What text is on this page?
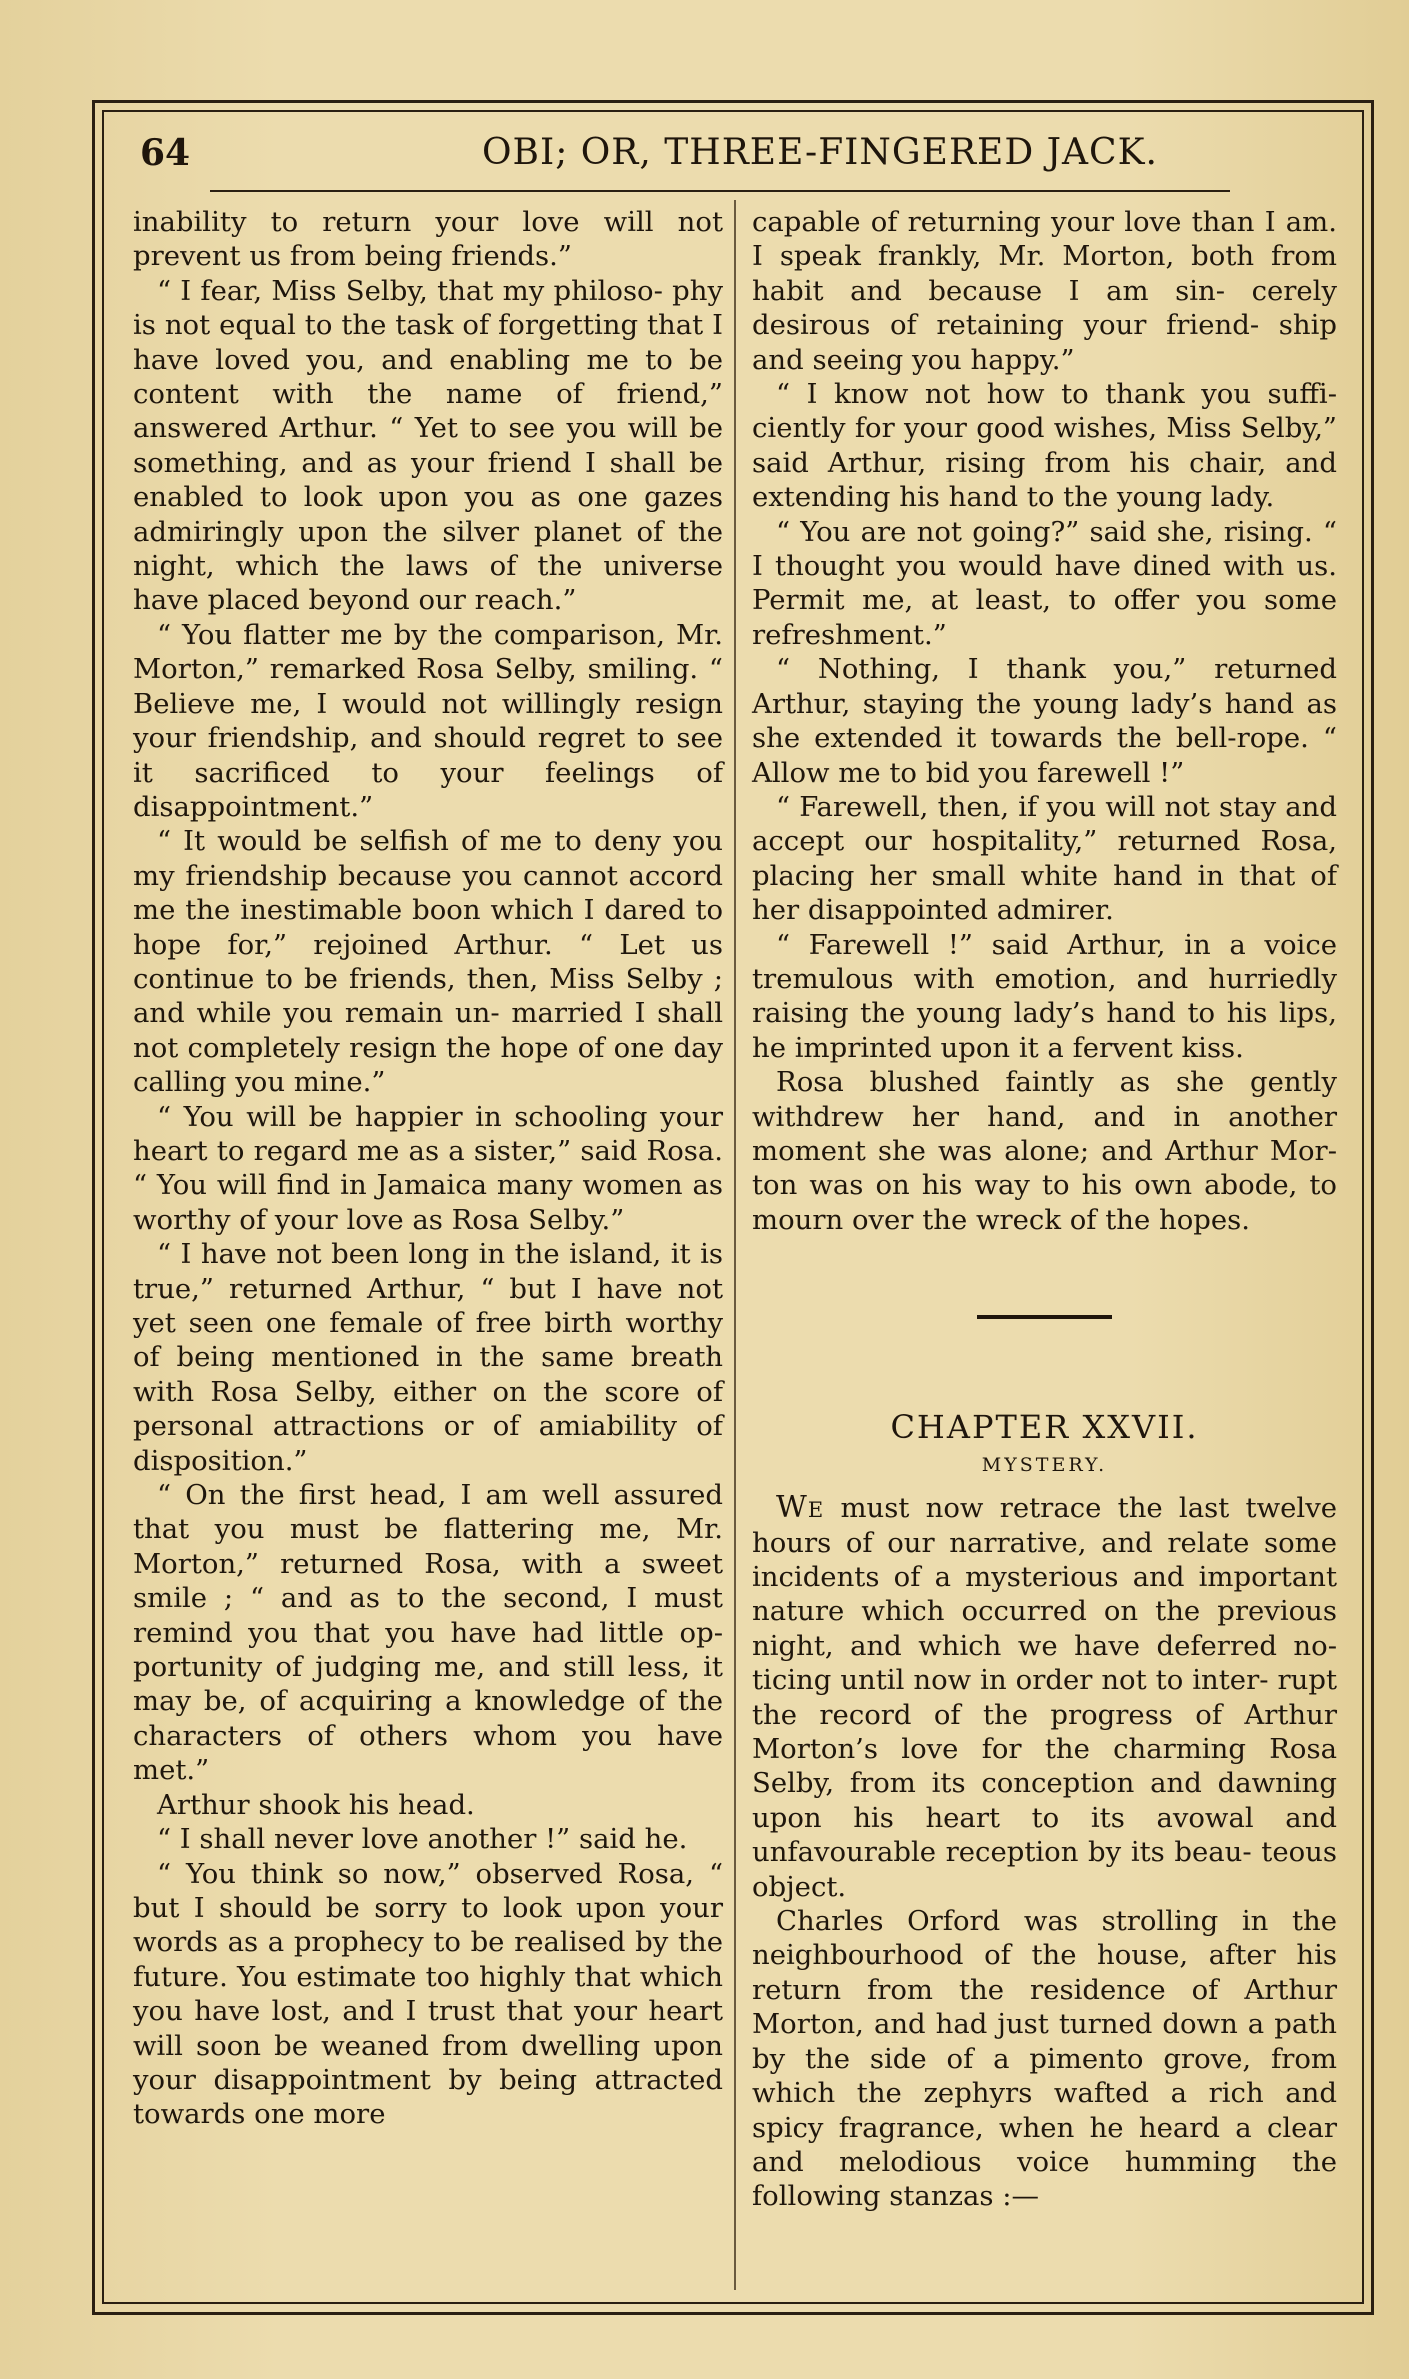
64	OBI; OR, THREE-FINGERED JACK.

inability to return your love will not prevent us from being friends.”

“ I fear, Miss Selby, that my philoso- phy is not equal to the task of forgetting that I have loved you, and enabling me to be content with the name of friend,” answered Arthur. “ Yet to see you will be something, and as your friend I shall be enabled to look upon you as one gazes admiringly upon the silver planet of the night, which the laws of the universe have placed beyond our reach.”

“ You flatter me by the comparison, Mr. Morton,” remarked Rosa Selby, smiling. “ Believe me, I would not willingly resign your friendship, and should regret to see it sacrificed to your feelings of disappointment.”

“ It would be selfish of me to deny you my friendship because you cannot accord me the inestimable boon which I dared to hope for,” rejoined Arthur. “ Let us continue to be friends, then, Miss Selby ; and while you remain un- married I shall not completely resign the hope of one day calling you mine.”

“ You will be happier in schooling your heart to regard me as a sister,” said Rosa. “ You will find in Jamaica many women as worthy of your love as Rosa Selby.”

“ I have not been long in the island, it is true,” returned Arthur, “ but I have not yet seen one female of free birth worthy of being mentioned in the same breath with Rosa Selby, either on the score of personal attractions or of amiability of disposition.”

“ On the first head, I am well assured that you must be flattering me, Mr. Morton,” returned Rosa, with a sweet smile ; “ and as to the second, I must remind you that you have had little op- portunity of judging me, and still less, it may be, of acquiring a knowledge of the characters of others whom you have met.”

Arthur shook his head.

“ I shall never love another !” said he.

“ You think so now,” observed Rosa, “ but I should be sorry to look upon your words as a prophecy to be realised by the future. You estimate too highly that which you have lost, and I trust that your heart will soon be weaned from dwelling upon your disappointment by being attracted towards one more

capable of returning your love than I am. I speak frankly, Mr. Morton, both from habit and because I am sin- cerely desirous of retaining your friend- ship and seeing you happy.”

“ I know not how to thank you suffi- ciently for your good wishes, Miss Selby,” said Arthur, rising from his chair, and extending his hand to the young lady.

“ You are not going?” said she, rising. “ I thought you would have dined with us. Permit me, at least, to offer you some refreshment.”

“ Nothing, I thank you,” returned Arthur, staying the young lady’s hand as she extended it towards the bell-rope. “ Allow me to bid you farewell !”

“ Farewell, then, if you will not stay and accept our hospitality,” returned Rosa, placing her small white hand in that of her disappointed admirer.

“ Farewell !” said Arthur, in a voice tremulous with emotion, and hurriedly raising the young lady’s hand to his lips, he imprinted upon it a fervent kiss.

Rosa blushed faintly as she gently withdrew her hand, and in another moment she was alone; and Arthur Mor- ton was on his way to his own abode, to mourn over the wreck of the hopes.

CHAPTER XXVII.
MYSTERY.

We must now retrace the last twelve hours of our narrative, and relate some incidents of a mysterious and important nature which occurred on the previous night, and which we have deferred no- ticing until now in order not to inter- rupt the record of the progress of Arthur Morton’s love for the charming Rosa Selby, from its conception and dawning upon his heart to its avowal and unfavourable reception by its beau- teous object.

Charles Orford was strolling in the neighbourhood of the house, after his return from the residence of Arthur Morton, and had just turned down a path by the side of a pimento grove, from which the zephyrs wafted a rich and spicy fragrance, when he heard a clear and melodious voice humming the following stanzas :—
